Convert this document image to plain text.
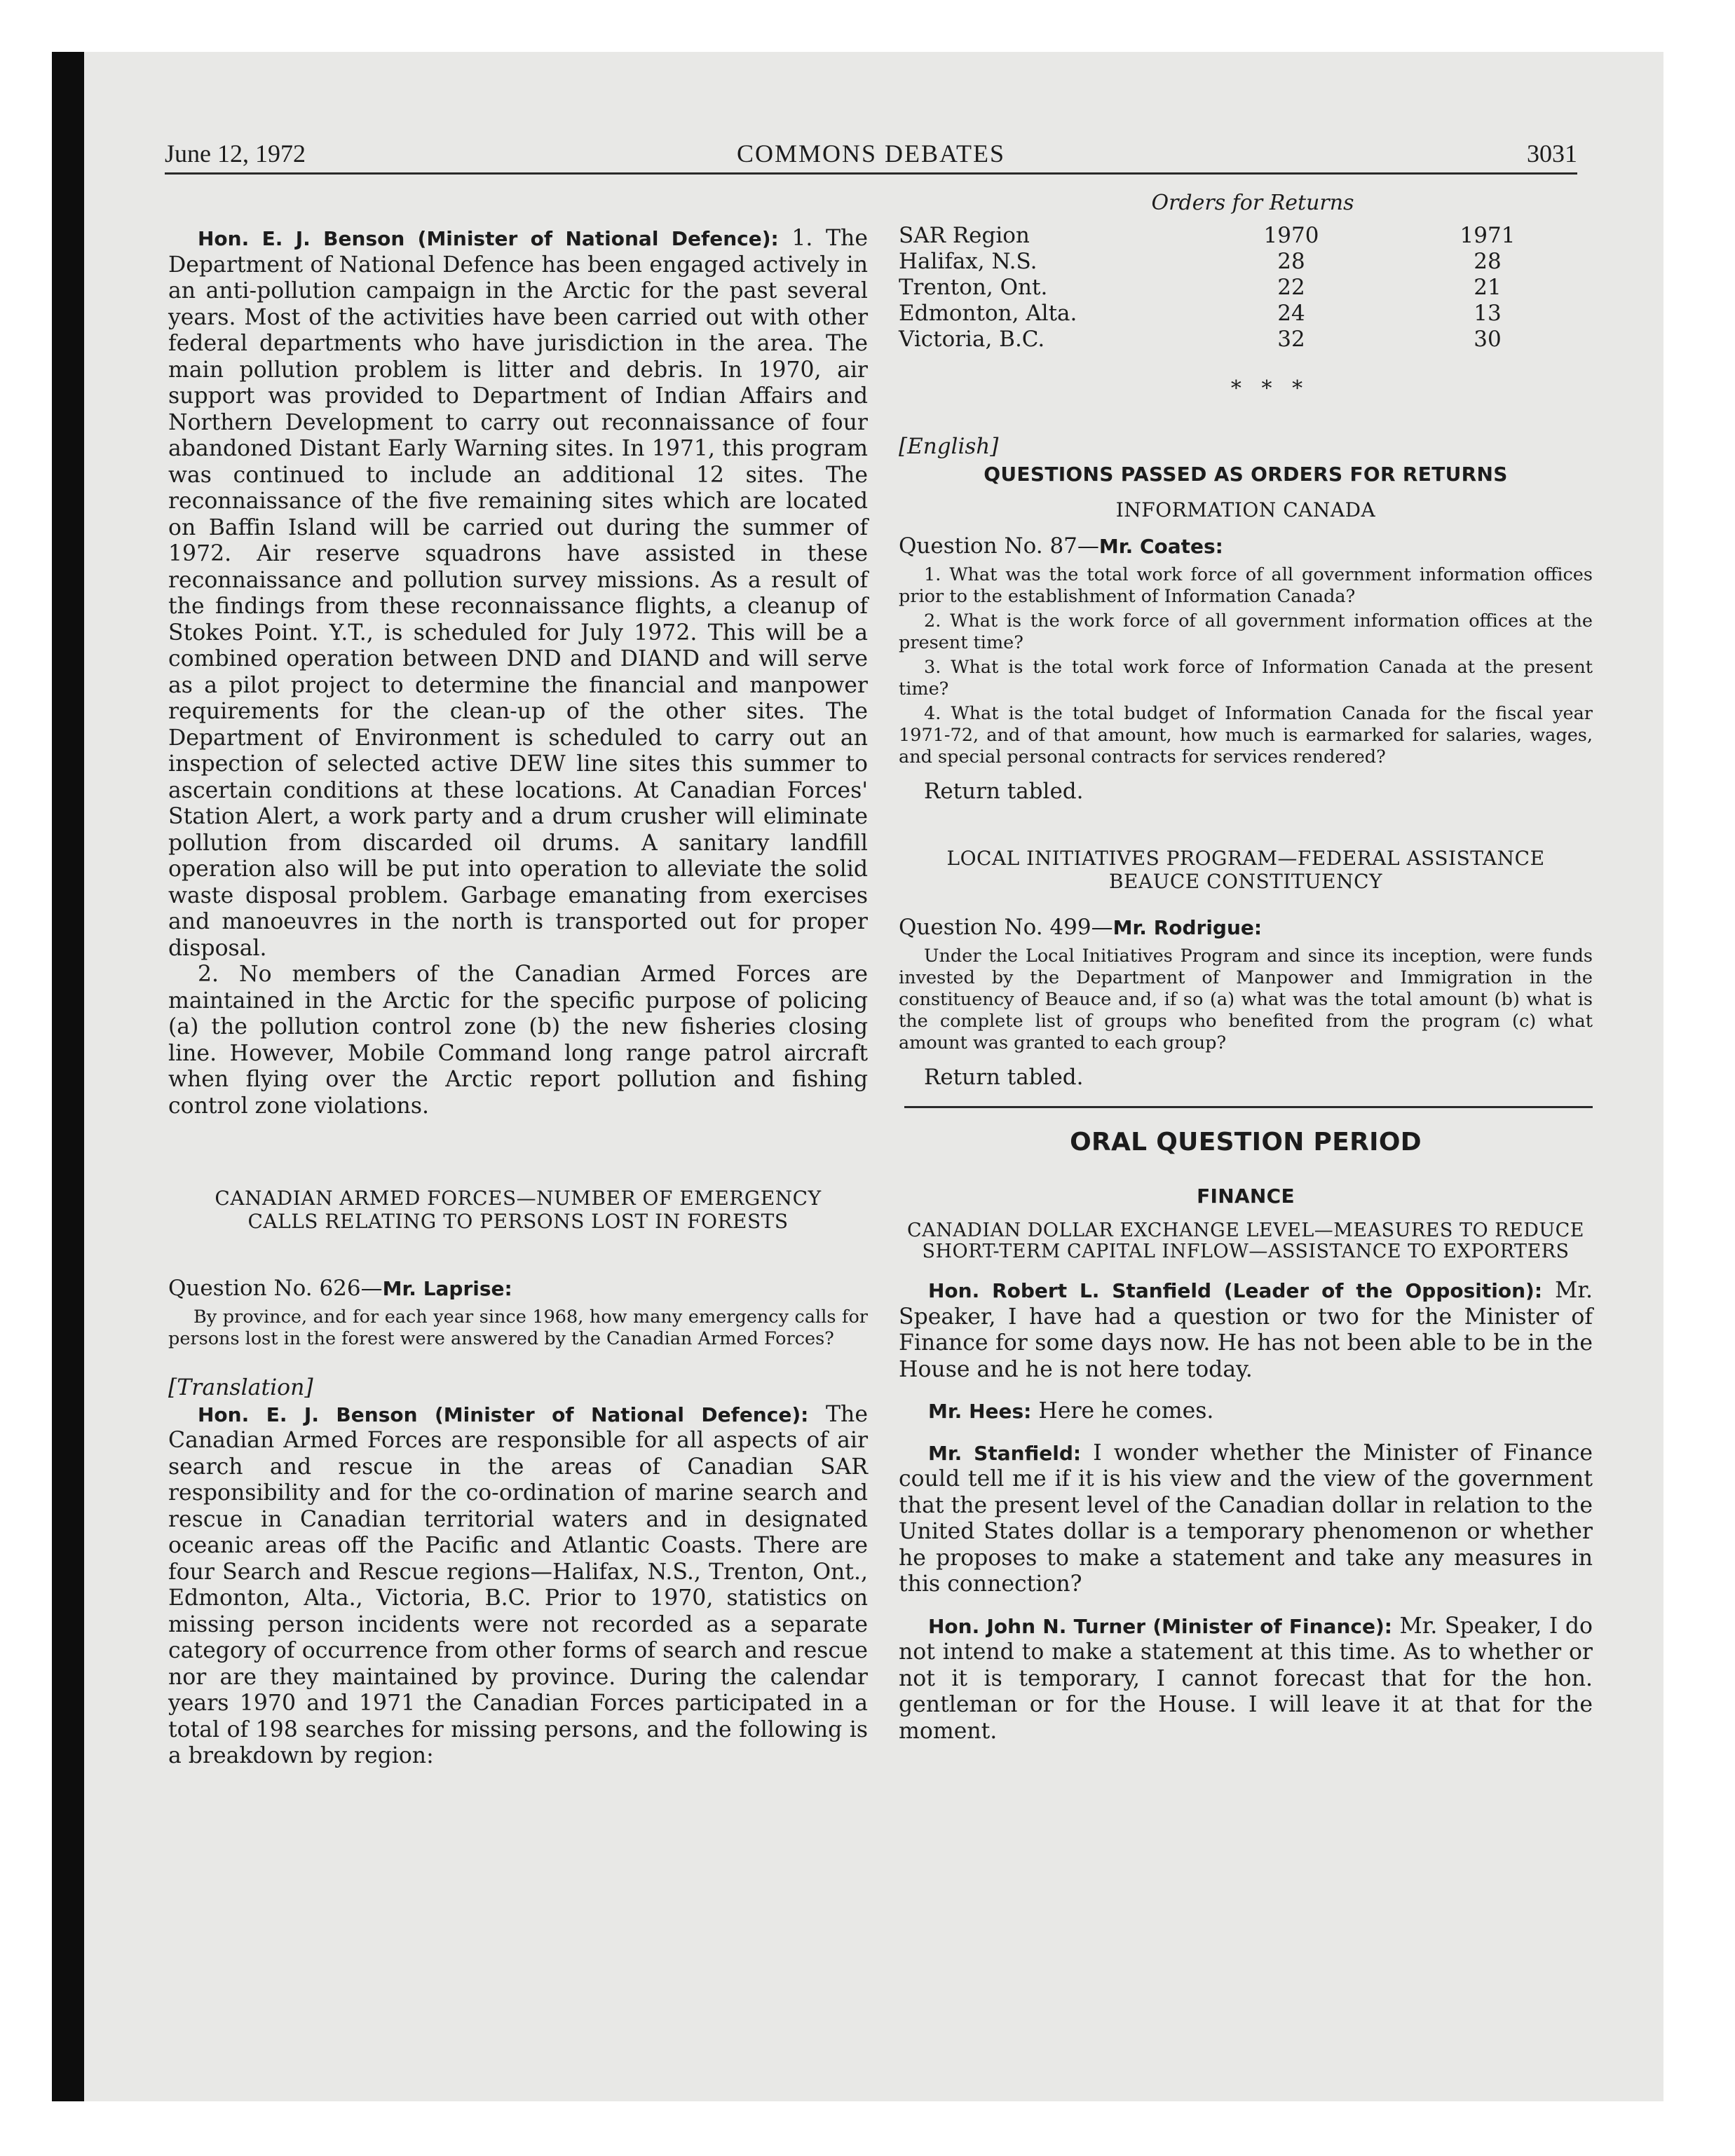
June 12, 1972	COMMONS DEBATES	3031

Hon. E. J. Benson (Minister of National Defence): 1. The Department of National Defence has been engaged actively in an anti-pollution campaign in the Arctic for the past several years. Most of the activities have been carried out with other federal departments who have jurisdiction in the area. The main pollution problem is litter and debris. In 1970, air support was provided to Department of Indian Affairs and Northern Development to carry out reconnaissance of four abandoned Distant Early Warning sites. In 1971, this program was continued to include an additional 12 sites. The reconnaissance of the five remaining sites which are located on Baffin Island will be carried out during the summer of 1972. Air reserve squadrons have assisted in these reconnaissance and pollution survey missions. As a result of the findings from these reconnaissance flights, a cleanup of Stokes Point. Y.T., is scheduled for July 1972. This will be a combined operation between DND and DIAND and will serve as a pilot project to determine the financial and manpower requirements for the clean-up of the other sites. The Department of Environment is scheduled to carry out an inspection of selected active DEW line sites this summer to ascertain conditions at these locations. At Canadian Forces' Station Alert, a work party and a drum crusher will eliminate pollution from discarded oil drums. A sanitary landfill operation also will be put into operation to alleviate the solid waste disposal problem. Garbage emanating from exercises and manoeuvres in the north is transported out for proper disposal.

2. No members of the Canadian Armed Forces are maintained in the Arctic for the specific purpose of policing (a) the pollution control zone (b) the new fisheries closing line. However, Mobile Command long range patrol aircraft when flying over the Arctic report pollution and fishing control zone violations.

CANADIAN ARMED FORCES—NUMBER OF EMERGENCY CALLS RELATING TO PERSONS LOST IN FORESTS

Question No. 626—Mr. Laprise:

By province, and for each year since 1968, how many emergency calls for persons lost in the forest were answered by the Canadian Armed Forces?

[Translation]

Hon. E. J. Benson (Minister of National Defence): The Canadian Armed Forces are responsible for all aspects of air search and rescue in the areas of Canadian SAR responsibility and for the co-ordination of marine search and rescue in Canadian territorial waters and in designated oceanic areas off the Pacific and Atlantic Coasts. There are four Search and Rescue regions—Halifax, N.S., Trenton, Ont., Edmonton, Alta., Victoria, B.C. Prior to 1970, statistics on missing person incidents were not recorded as a separate category of occurrence from other forms of search and rescue nor are they maintained by province. During the calendar years 1970 and 1971 the Canadian Forces participated in a total of 198 searches for missing persons, and the following is a breakdown by region:

Orders for Returns

SAR Region	1970	1971
Halifax, N.S.	28	28
Trenton, Ont.	22	21
Edmonton, Alta.	24	13
Victoria, B.C.	32	30

*   *   *

[English]

QUESTIONS PASSED AS ORDERS FOR RETURNS

INFORMATION CANADA

Question No. 87—Mr. Coates:

1. What was the total work force of all government information offices prior to the establishment of Information Canada?

2. What is the work force of all government information offices at the present time?

3. What is the total work force of Information Canada at the present time?

4. What is the total budget of Information Canada for the fiscal year 1971-72, and of that amount, how much is earmarked for salaries, wages, and special personal contracts for services rendered?

Return tabled.

LOCAL INITIATIVES PROGRAM—FEDERAL ASSISTANCE BEAUCE CONSTITUENCY

Question No. 499—Mr. Rodrigue:

Under the Local Initiatives Program and since its inception, were funds invested by the Department of Manpower and Immigration in the constituency of Beauce and, if so (a) what was the total amount (b) what is the complete list of groups who benefited from the program (c) what amount was granted to each group?

Return tabled.

ORAL QUESTION PERIOD

FINANCE

CANADIAN DOLLAR EXCHANGE LEVEL—MEASURES TO REDUCE SHORT-TERM CAPITAL INFLOW—ASSISTANCE TO EXPORTERS

Hon. Robert L. Stanfield (Leader of the Opposition): Mr. Speaker, I have had a question or two for the Minister of Finance for some days now. He has not been able to be in the House and he is not here today.

Mr. Hees: Here he comes.

Mr. Stanfield: I wonder whether the Minister of Finance could tell me if it is his view and the view of the government that the present level of the Canadian dollar in relation to the United States dollar is a temporary phenomenon or whether he proposes to make a statement and take any measures in this connection?

Hon. John N. Turner (Minister of Finance): Mr. Speaker, I do not intend to make a statement at this time. As to whether or not it is temporary, I cannot forecast that for the hon. gentleman or for the House. I will leave it at that for the moment.
